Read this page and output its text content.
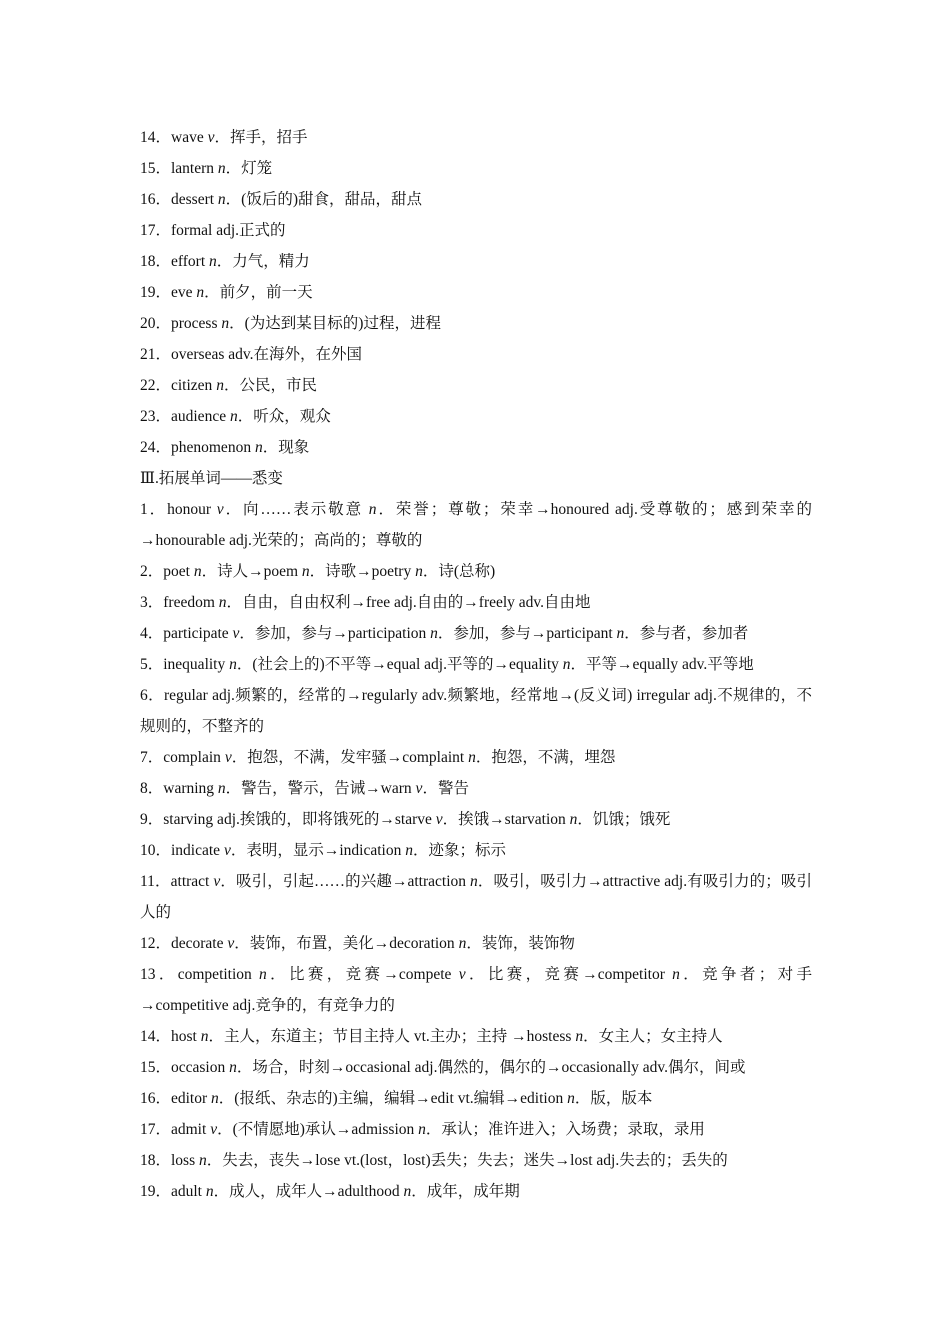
14．wave v．挥手，招手
15．lantern n．灯笼
16．dessert n．(饭后的)甜食，甜品，甜点
17．formal adj.正式的
18．effort n．力气，精力
19．eve n．前夕，前一天
20．process n．(为达到某目标的)过程，进程
21．overseas adv.在海外，在外国
22．citizen n．公民，市民
23．audience n．听众，观众
24．phenomenon n．现象
Ⅲ.拓展单词——悉变
1．honour v．向……表示敬意 n．荣誉；尊敬；荣幸→honoured adj.受尊敬的；感到荣幸的→honourable adj.光荣的；高尚的；尊敬的
2．poet n．诗人→poem n．诗歌→poetry n．诗(总称)
3．freedom n．自由，自由权利→free adj.自由的→freely adv.自由地
4．participate v．参加，参与→participation n．参加，参与→participant n．参与者，参加者
5．inequality n．(社会上的)不平等→equal adj.平等的→equality n．平等→equally adv.平等地
6．regular adj.频繁的，经常的→regularly adv.频繁地，经常地→(反义词) irregular adj.不规律的，不规则的，不整齐的
7．complain v．抱怨，不满，发牢骚→complaint n．抱怨，不满，埋怨
8．warning n．警告，警示，告诫→warn v．警告
9．starving adj.挨饿的，即将饿死的→starve v．挨饿→starvation n．饥饿；饿死
10．indicate v．表明，显示→indication n．迹象；标示
11．attract v．吸引，引起……的兴趣→attraction n．吸引，吸引力→attractive adj.有吸引力的；吸引人的
12．decorate v．装饰，布置，美化→decoration n．装饰，装饰物
13．competition n．比赛，竞赛→compete v．比赛，竞赛→competitor n．竞争者；对手→competitive adj.竞争的，有竞争力的
14．host n．主人，东道主；节目主持人 vt.主办；主持 →hostess n．女主人；女主持人
15．occasion n．场合，时刻→occasional adj.偶然的，偶尔的→occasionally adv.偶尔，间或
16．editor n．(报纸、杂志的)主编，编辑→edit vt.编辑→edition n．版，版本
17．admit v．(不情愿地)承认→admission n．承认；准许进入；入场费；录取，录用
18．loss n．失去，丧失→lose vt.(lost，lost)丢失；失去；迷失→lost adj.失去的；丢失的
19．adult n．成人，成年人→adulthood n．成年，成年期
